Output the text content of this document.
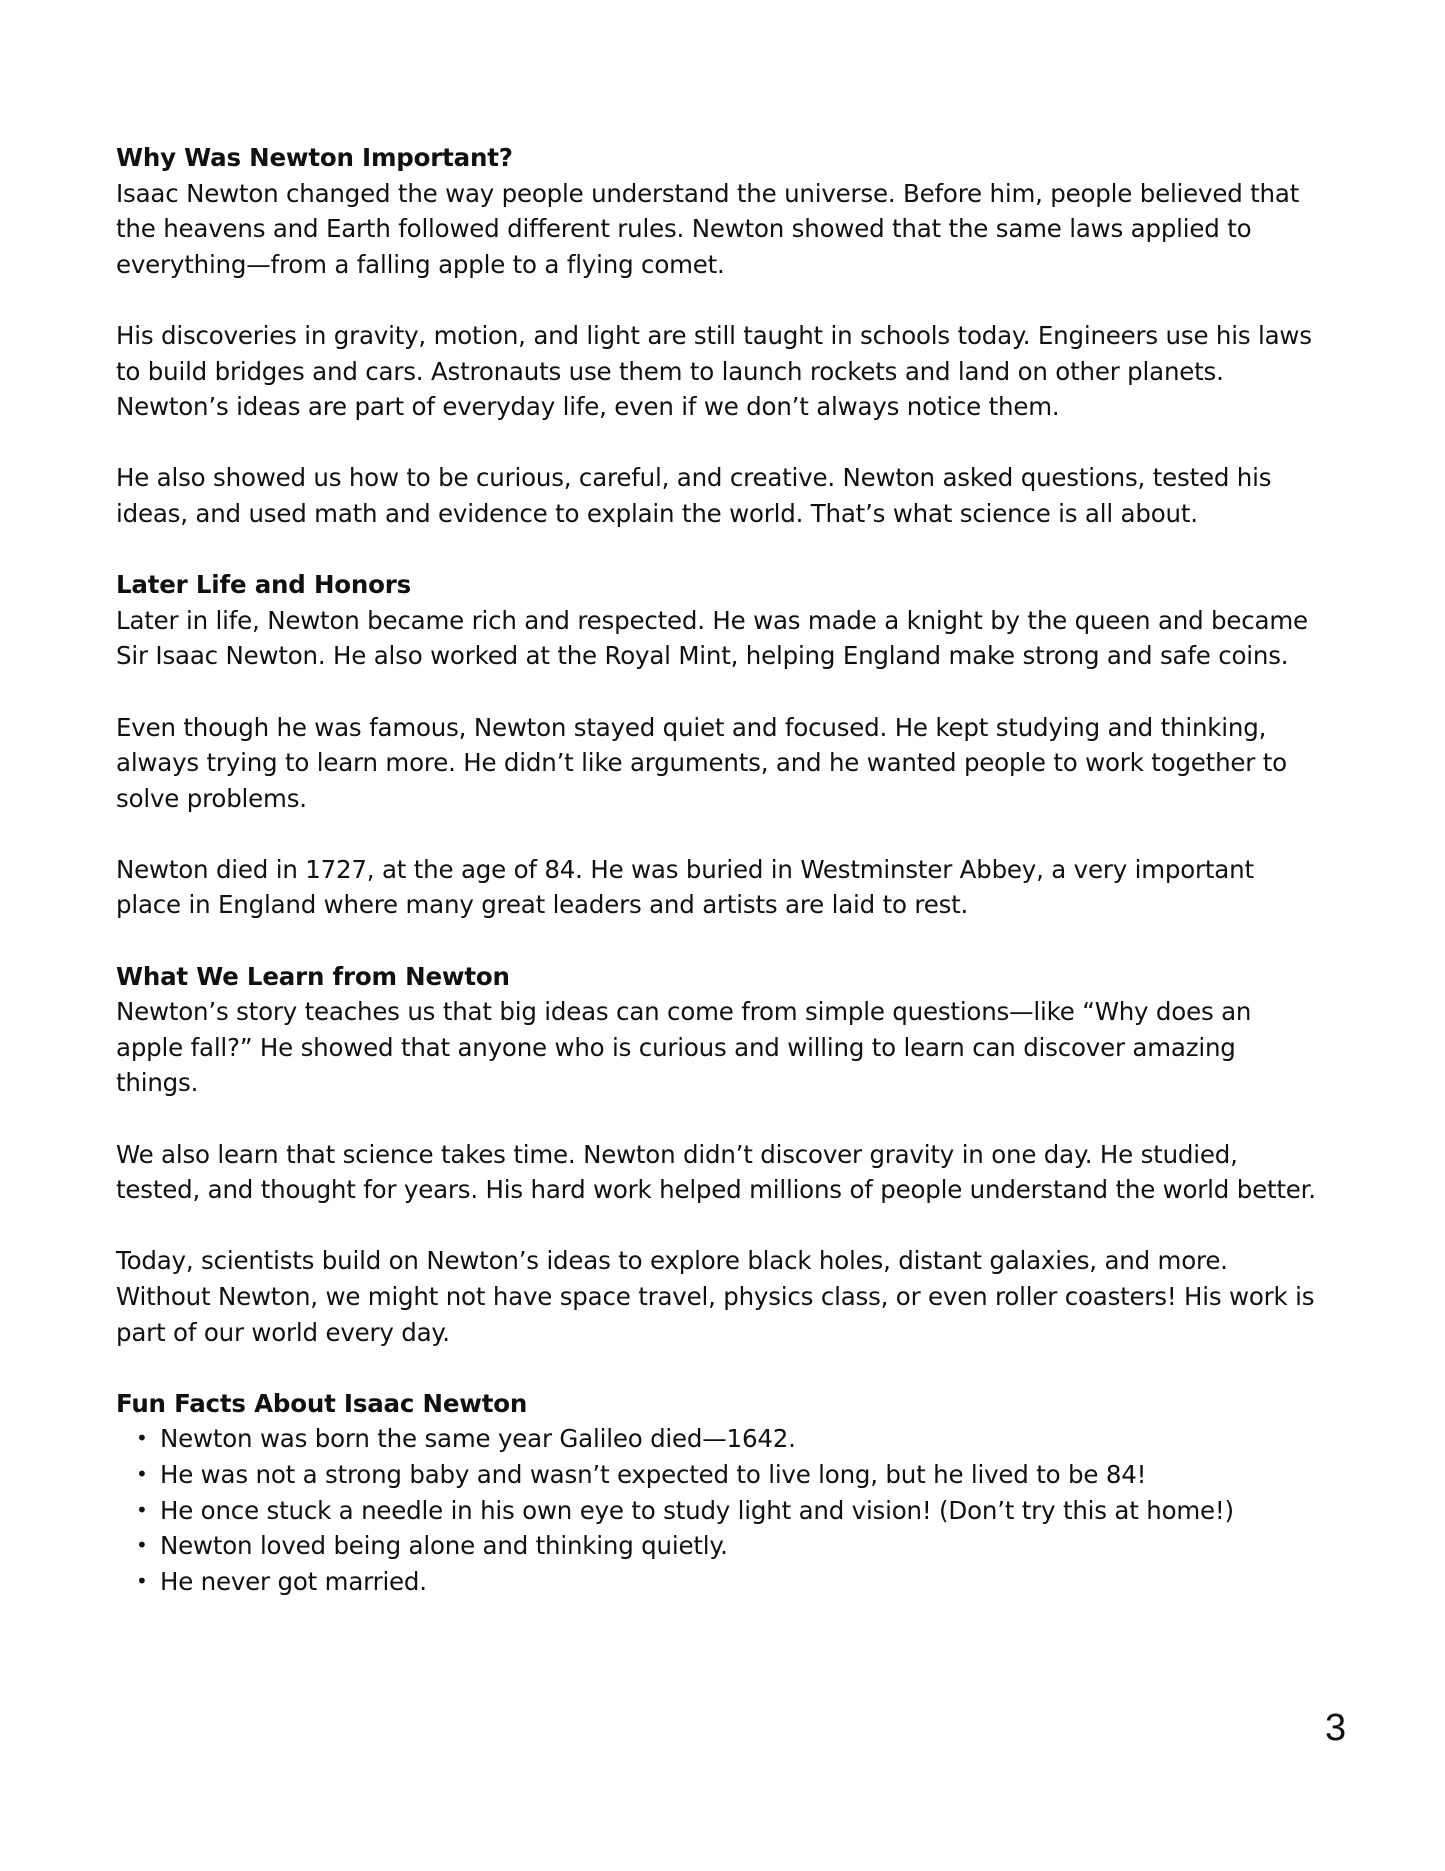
Why Was Newton Important?

Isaac Newton changed the way people understand the universe. Before him, people believed that the heavens and Earth followed different rules. Newton showed that the same laws applied to everything—from a falling apple to a flying comet.

His discoveries in gravity, motion, and light are still taught in schools today. Engineers use his laws to build bridges and cars. Astronauts use them to launch rockets and land on other planets. Newton’s ideas are part of everyday life, even if we don’t always notice them.

He also showed us how to be curious, careful, and creative. Newton asked questions, tested his ideas, and used math and evidence to explain the world. That’s what science is all about.

Later Life and Honors

Later in life, Newton became rich and respected. He was made a knight by the queen and became Sir Isaac Newton. He also worked at the Royal Mint, helping England make strong and safe coins.

Even though he was famous, Newton stayed quiet and focused. He kept studying and thinking, always trying to learn more. He didn’t like arguments, and he wanted people to work together to solve problems.

Newton died in 1727, at the age of 84. He was buried in Westminster Abbey, a very important place in England where many great leaders and artists are laid to rest.

What We Learn from Newton

Newton’s story teaches us that big ideas can come from simple questions—like “Why does an apple fall?” He showed that anyone who is curious and willing to learn can discover amazing things.

We also learn that science takes time. Newton didn’t discover gravity in one day. He studied, tested, and thought for years. His hard work helped millions of people understand the world better.

Today, scientists build on Newton’s ideas to explore black holes, distant galaxies, and more. Without Newton, we might not have space travel, physics class, or even roller coasters! His work is part of our world every day.

Fun Facts About Isaac Newton
• Newton was born the same year Galileo died—1642.
• He was not a strong baby and wasn’t expected to live long, but he lived to be 84!
• He once stuck a needle in his own eye to study light and vision! (Don’t try this at home!)
• Newton loved being alone and thinking quietly.
• He never got married.
3
